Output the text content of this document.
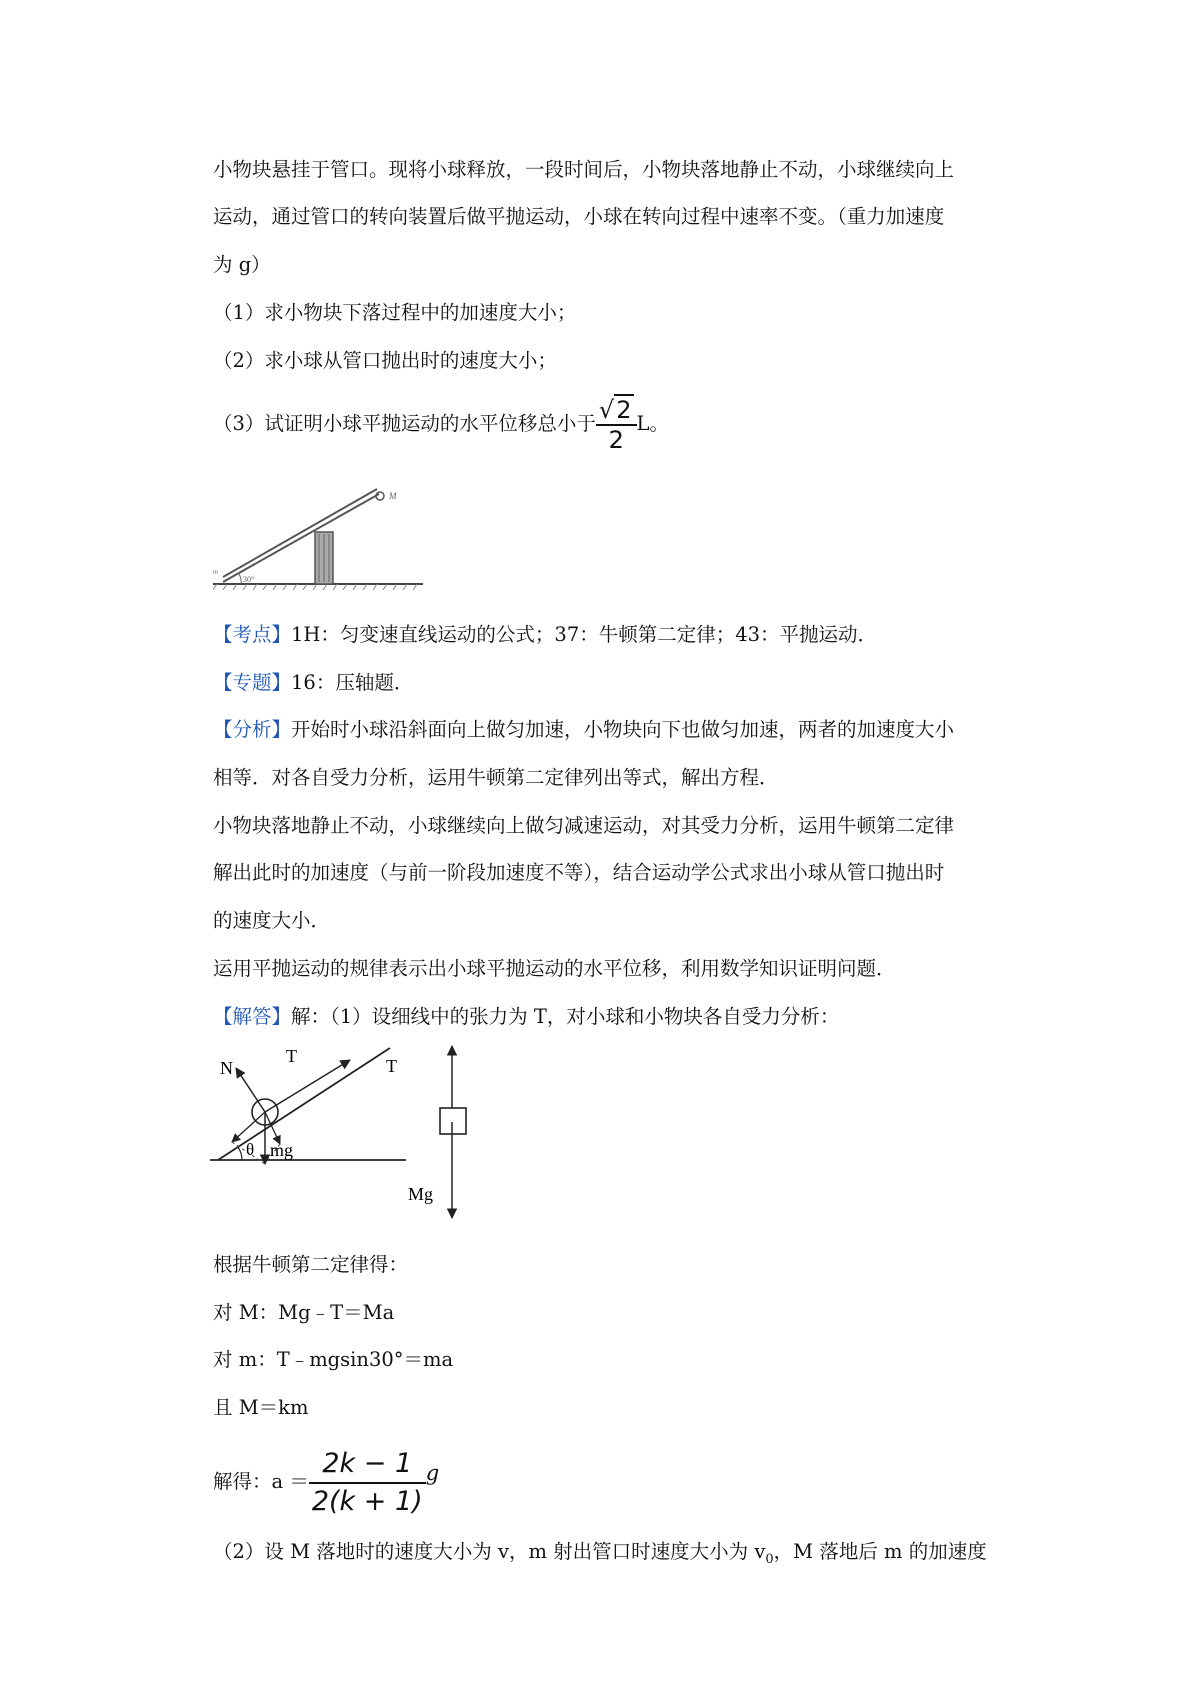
小物块悬挂于管口。现将小球释放，一段时间后，小物块落地静止不动，小球继续向上
运动，通过管口的转向装置后做平抛运动，小球在转向过程中速率不变。（重力加速度
为 g）
（1）求小物块下落过程中的加速度大小；
（2）求小球从管口抛出时的速度大小；
（3）试证明小球平抛运动的水平位移总小于 $\frac{√2}{2}$ L。
M
m
30°
【考点】1H：匀变速直线运动的公式；37：牛顿第二定律；43：平抛运动．
【专题】16：压轴题．
【分析】开始时小球沿斜面向上做匀加速，小物块向下也做匀加速，两者的加速度大小
相等．对各自受力分析，运用牛顿第二定律列出等式，解出方程．
小物块落地静止不动，小球继续向上做匀减速运动，对其受力分析，运用牛顿第二定律
解出此时的加速度（与前一阶段加速度不等），结合运动学公式求出小球从管口抛出时
的速度大小．
运用平抛运动的规律表示出小球平抛运动的水平位移，利用数学知识证明问题．
【解答】解：（1）设细线中的张力为 T，对小球和小物块各自受力分析：
N
T
θ mg
T
Mg
根据牛顿第二定律得：
对 M：Mg﹣T＝Ma
对 m：T﹣mgsin30°＝ma
且 M＝km
解得：$a = \frac{2k - 1}{2(k + 1)}$ g
（2）设 M 落地时的速度大小为 v，m 射出管口时速度大小为 $v_0$，M 落地后 m 的加速度
